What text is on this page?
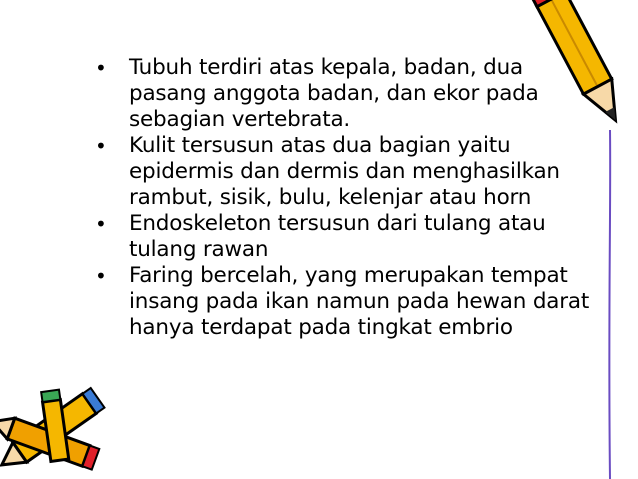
• Tubuh terdiri atas kepala, badan, dua pasang anggota badan, dan ekor pada sebagian vertebrata.
• Kulit tersusun atas dua bagian yaitu epidermis dan dermis dan menghasilkan rambut, sisik, bulu, kelenjar atau horn
• Endoskeleton tersusun dari tulang atau tulang rawan
• Faring bercelah, yang merupakan tempat insang pada ikan namun pada hewan darat hanya terdapat pada tingkat embrio
